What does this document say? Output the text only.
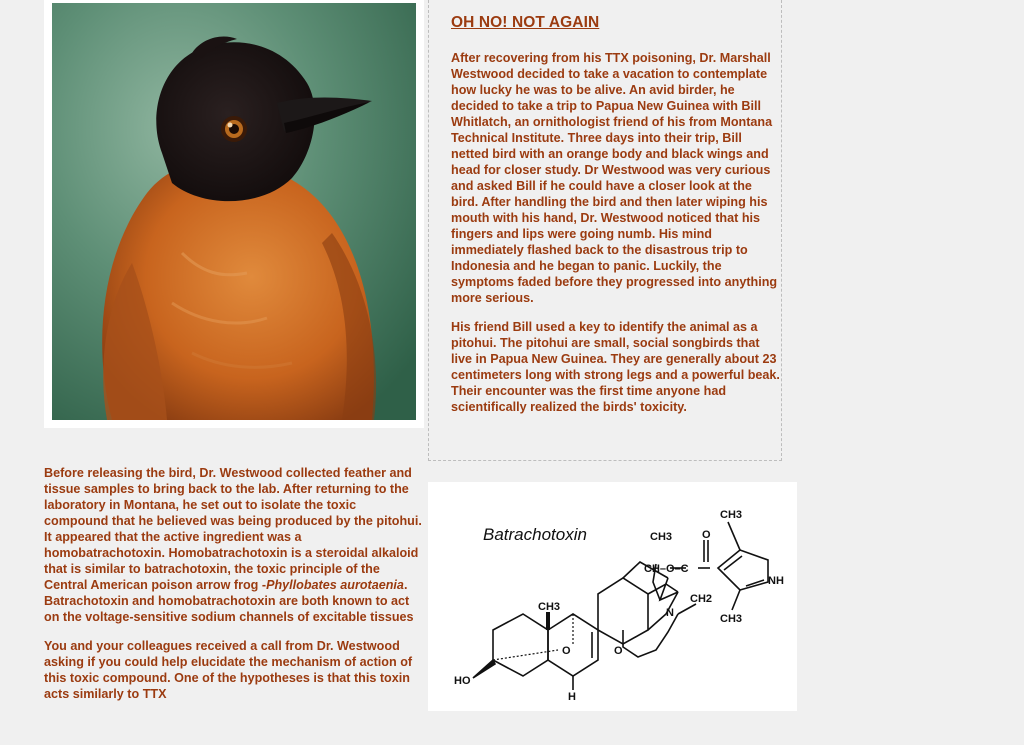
OH NO! NOT AGAIN

After recovering from his TTX poisoning, Dr. Marshall Westwood decided to take a vacation to contemplate how lucky he was to be alive. An avid birder, he decided to take a trip to Papua New Guinea with Bill Whitlatch, an ornithologist friend of his from Montana Technical Institute. Three days into their trip, Bill netted bird with an orange body and black wings and head for closer study. Dr Westwood was very curious and asked Bill if he could have a closer look at the bird. After handling the bird and then later wiping his mouth with his hand, Dr. Westwood noticed that his fingers and lips were going numb. His mind immediately flashed back to the disastrous trip to Indonesia and he began to panic. Luckily, the symptoms faded before they progressed into anything more serious.

His friend Bill used a key to identify the animal as a pitohui. The pitohui are small, social songbirds that live in Papua New Guinea. They are generally about 23 centimeters long with strong legs and a powerful beak. Their encounter was the first time anyone had scientifically realized the birds' toxicity.

Before releasing the bird, Dr. Westwood collected feather and tissue samples to bring back to the lab. After returning to the laboratory in Montana, he set out to isolate the toxic compound that he believed was being produced by the pitohui. It appeared that the active ingredient was a homobatrachotoxin. Homobatrachotoxin is a steroidal alkaloid that is similar to batrachotoxin, the toxic principle of the Central American poison arrow frog -Phyllobates aurotaenia. Batrachotoxin and homobatrachotoxin are both known to act on the voltage-sensitive sodium channels of excitable tissues

You and your colleagues received a call from Dr. Westwood asking if you could help elucidate the mechanism of action of this toxic compound. One of the hypotheses is that this toxin acts similarly to TTX

Batrachotoxin
CH3
CH3	O
CH–O–C
NH
CH3
CH2
N
CH3
HO
H
O	O
